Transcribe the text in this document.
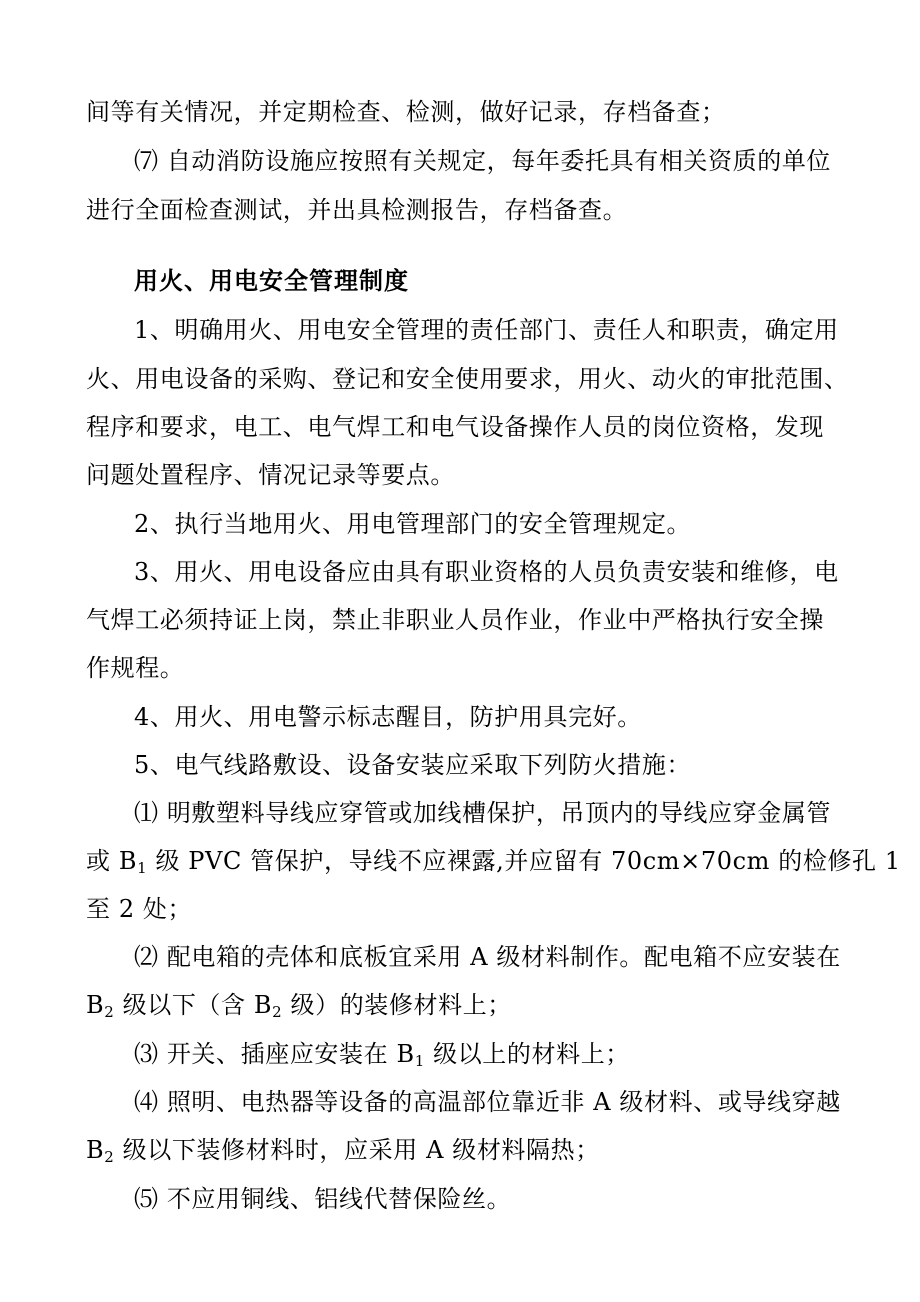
间等有关情况，并定期检查、检测，做好记录，存档备查；
⑺ 自动消防设施应按照有关规定，每年委托具有相关资质的单位
进行全面检查测试，并出具检测报告，存档备查。
用火、用电安全管理制度
1、明确用火、用电安全管理的责任部门、责任人和职责，确定用
火、用电设备的采购、登记和安全使用要求，用火、动火的审批范围、
程序和要求，电工、电气焊工和电气设备操作人员的岗位资格，发现
问题处置程序、情况记录等要点。
2、执行当地用火、用电管理部门的安全管理规定。
3、用火、用电设备应由具有职业资格的人员负责安装和维修，电
气焊工必须持证上岗，禁止非职业人员作业，作业中严格执行安全操
作规程。
4、用火、用电警示标志醒目，防护用具完好。
5、电气线路敷设、设备安装应采取下列防火措施：
⑴ 明敷塑料导线应穿管或加线槽保护，吊顶内的导线应穿金属管
或 $B_1$ 级 PVC 管保护，导线不应裸露,并应留有 70cm×70cm 的检修孔 1
至 2 处；
⑵ 配电箱的壳体和底板宜采用 A 级材料制作。配电箱不应安装在
$B_2$ 级以下（含 $B_2$ 级）的装修材料上；
⑶ 开关、插座应安装在 $B_1$ 级以上的材料上；
⑷ 照明、电热器等设备的高温部位靠近非 A 级材料、或导线穿越
$B_2$ 级以下装修材料时，应采用 A 级材料隔热；
⑸ 不应用铜线、铝线代替保险丝。
